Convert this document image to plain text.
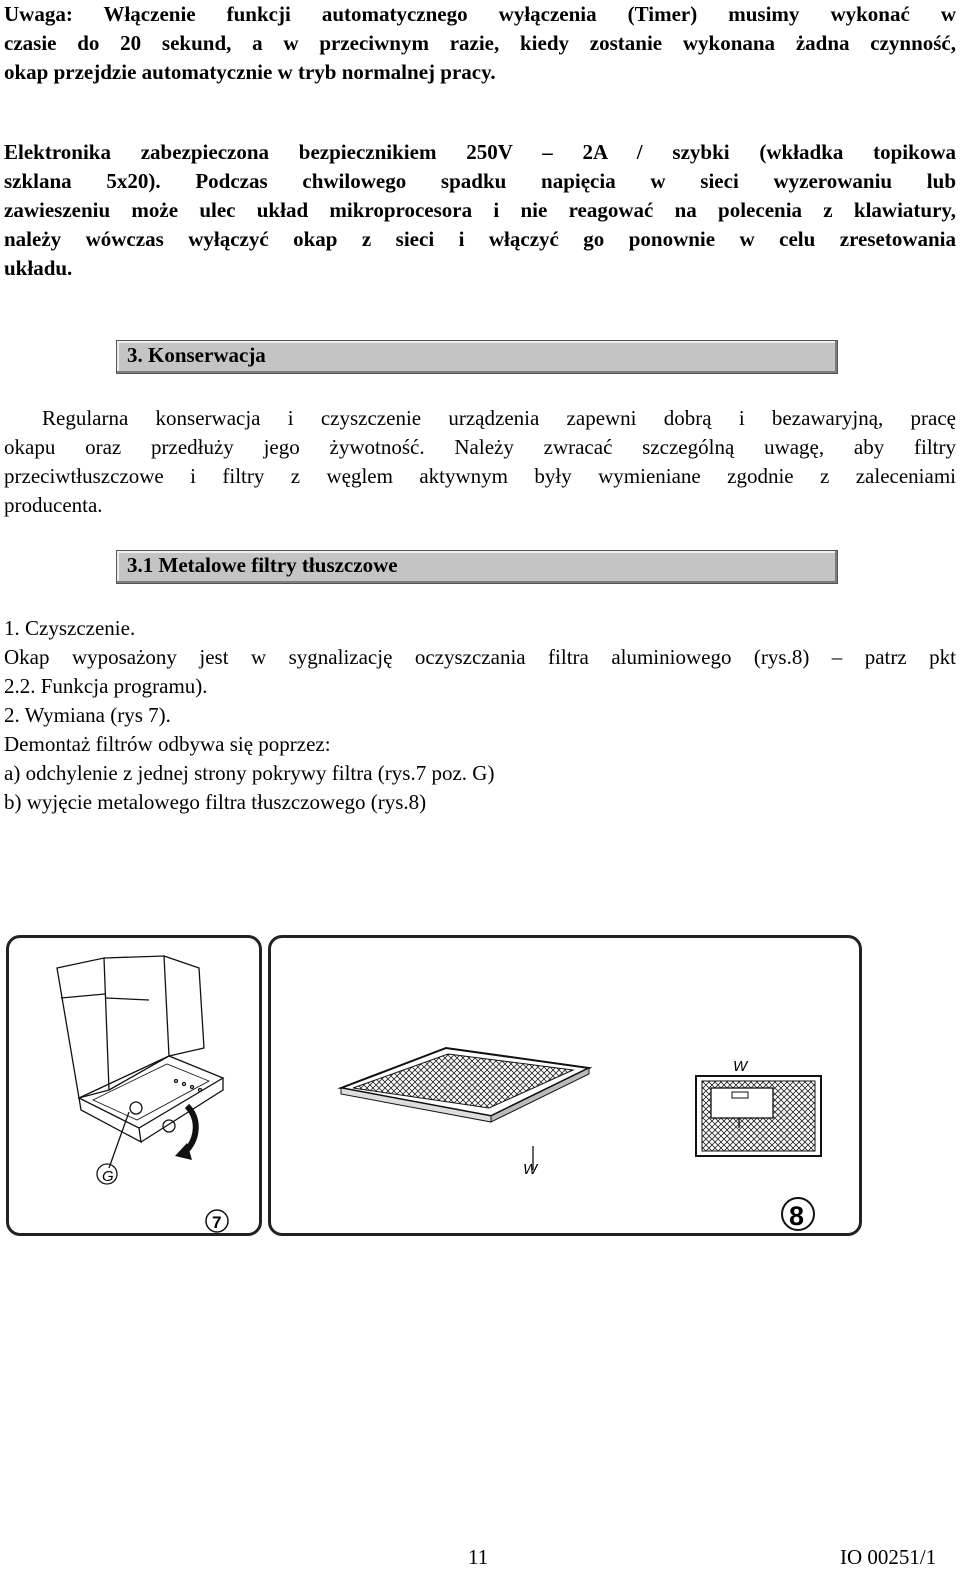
Uwaga: Włączenie funkcji automatycznego wyłączenia (Timer) musimy wykonać w
czasie do 20 sekund, a w przeciwnym razie, kiedy zostanie wykonana żadna czynność,
okap przejdzie automatycznie w tryb normalnej pracy.
Elektronika zabezpieczona bezpiecznikiem 250V – 2A / szybki (wkładka topikowa
szklana 5x20). Podczas chwilowego spadku napięcia w sieci wyzerowaniu lub
zawieszeniu może ulec układ mikroprocesora i nie reagować na polecenia z klawiatury,
należy wówczas wyłączyć okap z sieci i włączyć go ponownie w celu zresetowania
układu.
3. Konserwacja
Regularna konserwacja i czyszczenie urządzenia zapewni dobrą i bezawaryjną, pracę
okapu oraz przedłuży jego żywotność. Należy zwracać szczególną uwagę, aby filtry
przeciwtłuszczowe i filtry z węglem aktywnym były wymieniane zgodnie z zaleceniami
producenta.
3.1 Metalowe filtry tłuszczowe
1. Czyszczenie.
Okap wyposażony jest w sygnalizację oczyszczania filtra aluminiowego (rys.8) – patrz pkt
2.2. Funkcja programu).
2. Wymiana (rys 7).
Demontaż filtrów odbywa się poprzez:
a) odchylenie z jednej strony pokrywy filtra (rys.7 poz. G)
b) wyjęcie metalowego filtra tłuszczowego (rys.8)
G
7
W
W
8
11	IO 00251/1
